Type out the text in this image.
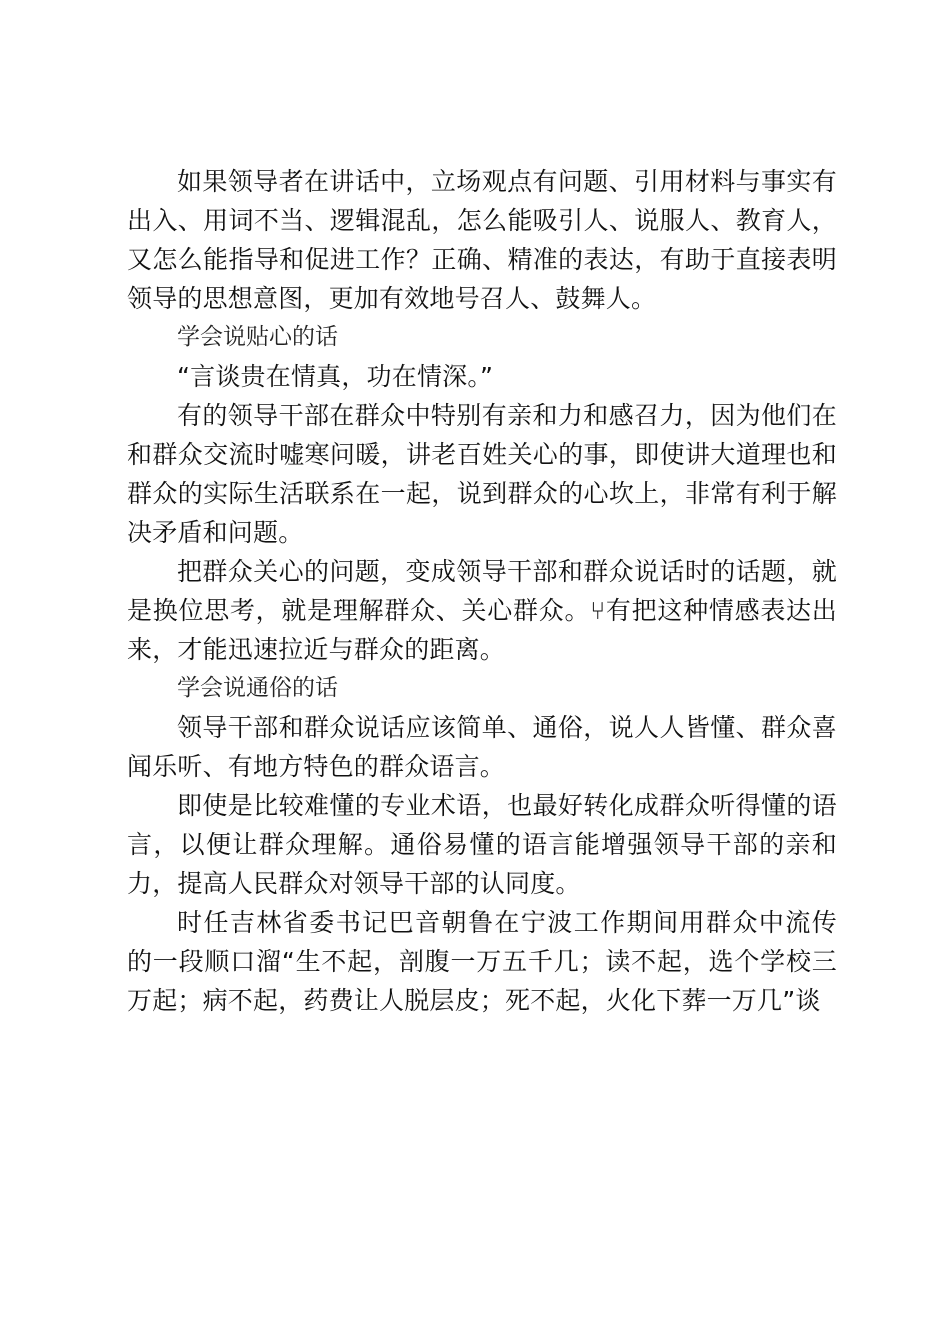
如果领导者在讲话中，立场观点有问题、引用材料与事实有出入、用词不当、逻辑混乱，怎么能吸引人、说服人、教育人，又怎么能指导和促进工作？正确、精准的表达，有助于直接表明领导的思想意图，更加有效地号召人、鼓舞人。

学会说贴心的话

“言谈贵在情真，功在情深。”

有的领导干部在群众中特别有亲和力和感召力，因为他们在和群众交流时嘘寒问暖，讲老百姓关心的事，即使讲大道理也和群众的实际生活联系在一起，说到群众的心坎上，非常有利于解决矛盾和问题。

把群众关心的问题，变成领导干部和群众说话时的话题，就是换位思考，就是理解群众、关心群众。⑂有把这种情感表达出来，才能迅速拉近与群众的距离。

学会说通俗的话

领导干部和群众说话应该简单、通俗，说人人皆懂、群众喜闻乐听、有地方特色的群众语言。

即使是比较难懂的专业术语，也最好转化成群众听得懂的语言，以便让群众理解。通俗易懂的语言能增强领导干部的亲和力，提高人民群众对领导干部的认同度。

时任吉林省委书记巴音朝鲁在宁波工作期间用群众中流传 的一段顺口溜“生不起，剖腹一万五千几；读不起，选个学校三万起；病不起，药费让人脱层皮；死不起，火化下葬一万几”谈
